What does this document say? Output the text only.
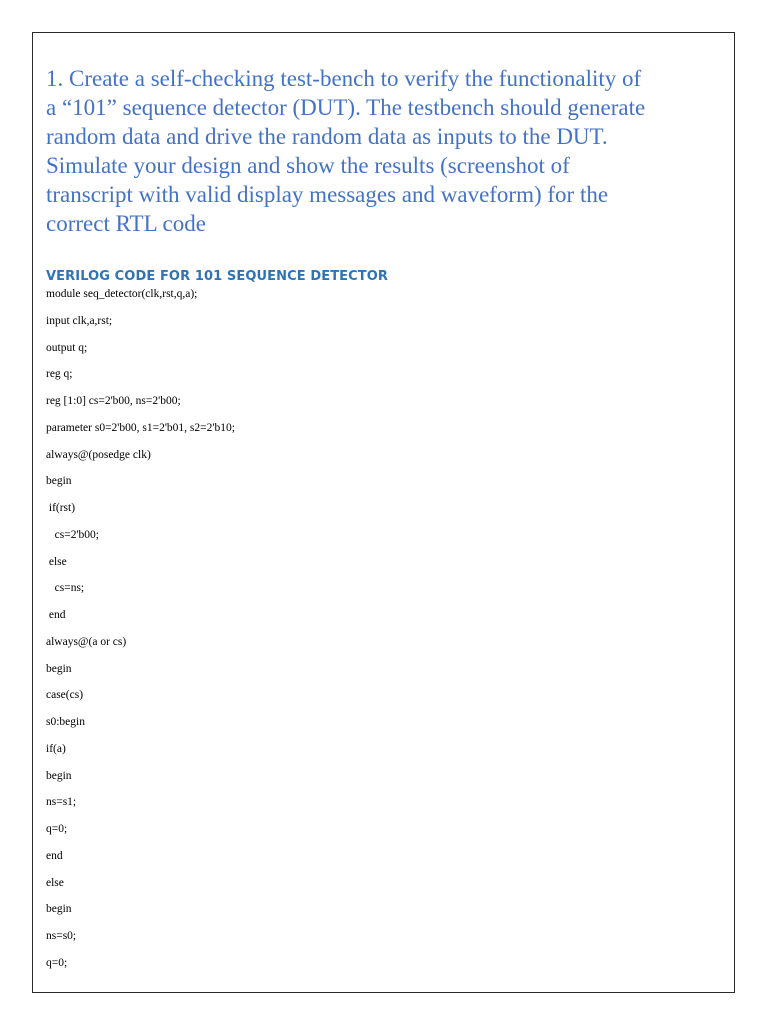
1. Create a self-checking test-bench to verify the functionality of
a “101” sequence detector (DUT). The testbench should generate
random data and drive the random data as inputs to the DUT.
Simulate your design and show the results (screenshot of
transcript with valid display messages and waveform) for the
correct RTL code

VERILOG CODE FOR 101 SEQUENCE DETECTOR
module seq_detector(clk,rst,q,a);
input clk,a,rst;
output q;
reg q;
reg [1:0] cs=2'b00, ns=2'b00;
parameter s0=2'b00, s1=2'b01, s2=2'b10;
always@(posedge clk)
begin
if(rst)
cs=2'b00;
else
cs=ns;
end
always@(a or cs)
begin
case(cs)
s0:begin
if(a)
begin
ns=s1;
q=0;
end
else
begin
ns=s0;
q=0;
